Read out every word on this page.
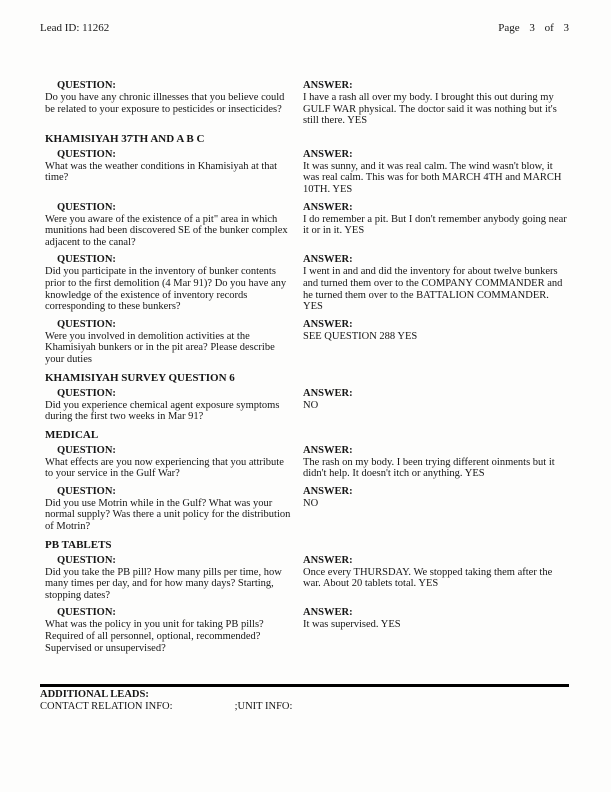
Lead ID: 11262	Page 3 of 3
QUESTION:
Do you have any chronic illnesses that you believe could be related to your exposure to pesticides or insecticides?
ANSWER:
I have a rash all over my body. I brought this out during my GULF WAR physical. The doctor said it was nothing but it's still there. YES
KHAMISIYAH 37TH AND A B C
QUESTION:
What was the weather conditions in Khamisiyah at that time?
ANSWER:
It was sunny, and it was real calm. The wind wasn't blow, it was real calm. This was for both MARCH 4TH and MARCH 10TH. YES
QUESTION:
Were you aware of the existence of a pit" area in which munitions had been discovered SE of the bunker complex adjacent to the canal?
ANSWER:
I do remember a pit. But I don't remember anybody going near it or in it. YES
QUESTION:
Did you participate in the inventory of bunker contents prior to the first demolition (4 Mar 91)? Do you have any knowledge of the existence of inventory records corresponding to these bunkers?
ANSWER:
I went in and and did the inventory for about twelve bunkers and turned them over to the COMPANY COMMANDER and he turned them over to the BATTALION COMMANDER. YES
QUESTION:
Were you involved in demolition activities at the Khamisiyah bunkers or in the pit area? Please describe your duties
ANSWER:
SEE QUESTION 288 YES
KHAMISIYAH SURVEY QUESTION 6
QUESTION:
Did you experience chemical agent exposure symptoms during the first two weeks in Mar 91?
ANSWER:
NO
MEDICAL
QUESTION:
What effects are you now experiencing that you attribute to your service in the Gulf War?
ANSWER:
The rash on my body. I been trying different oinments but it didn't help. It doesn't itch or anything. YES
QUESTION:
Did you use Motrin while in the Gulf? What was your normal supply? Was there a unit policy for the distribution of Motrin?
ANSWER:
NO
PB TABLETS
QUESTION:
Did you take the PB pill? How many pills per time, how many times per day, and for how many days? Starting, stopping dates?
ANSWER:
Once every THURSDAY. We stopped taking them after the war. About 20 tablets total. YES
QUESTION:
What was the policy in you unit for taking PB pills? Required of all personnel, optional, recommended? Supervised or unsupervised?
ANSWER:
It was supervised. YES
ADDITIONAL LEADS:
CONTACT RELATION INFO:	;UNIT INFO:
